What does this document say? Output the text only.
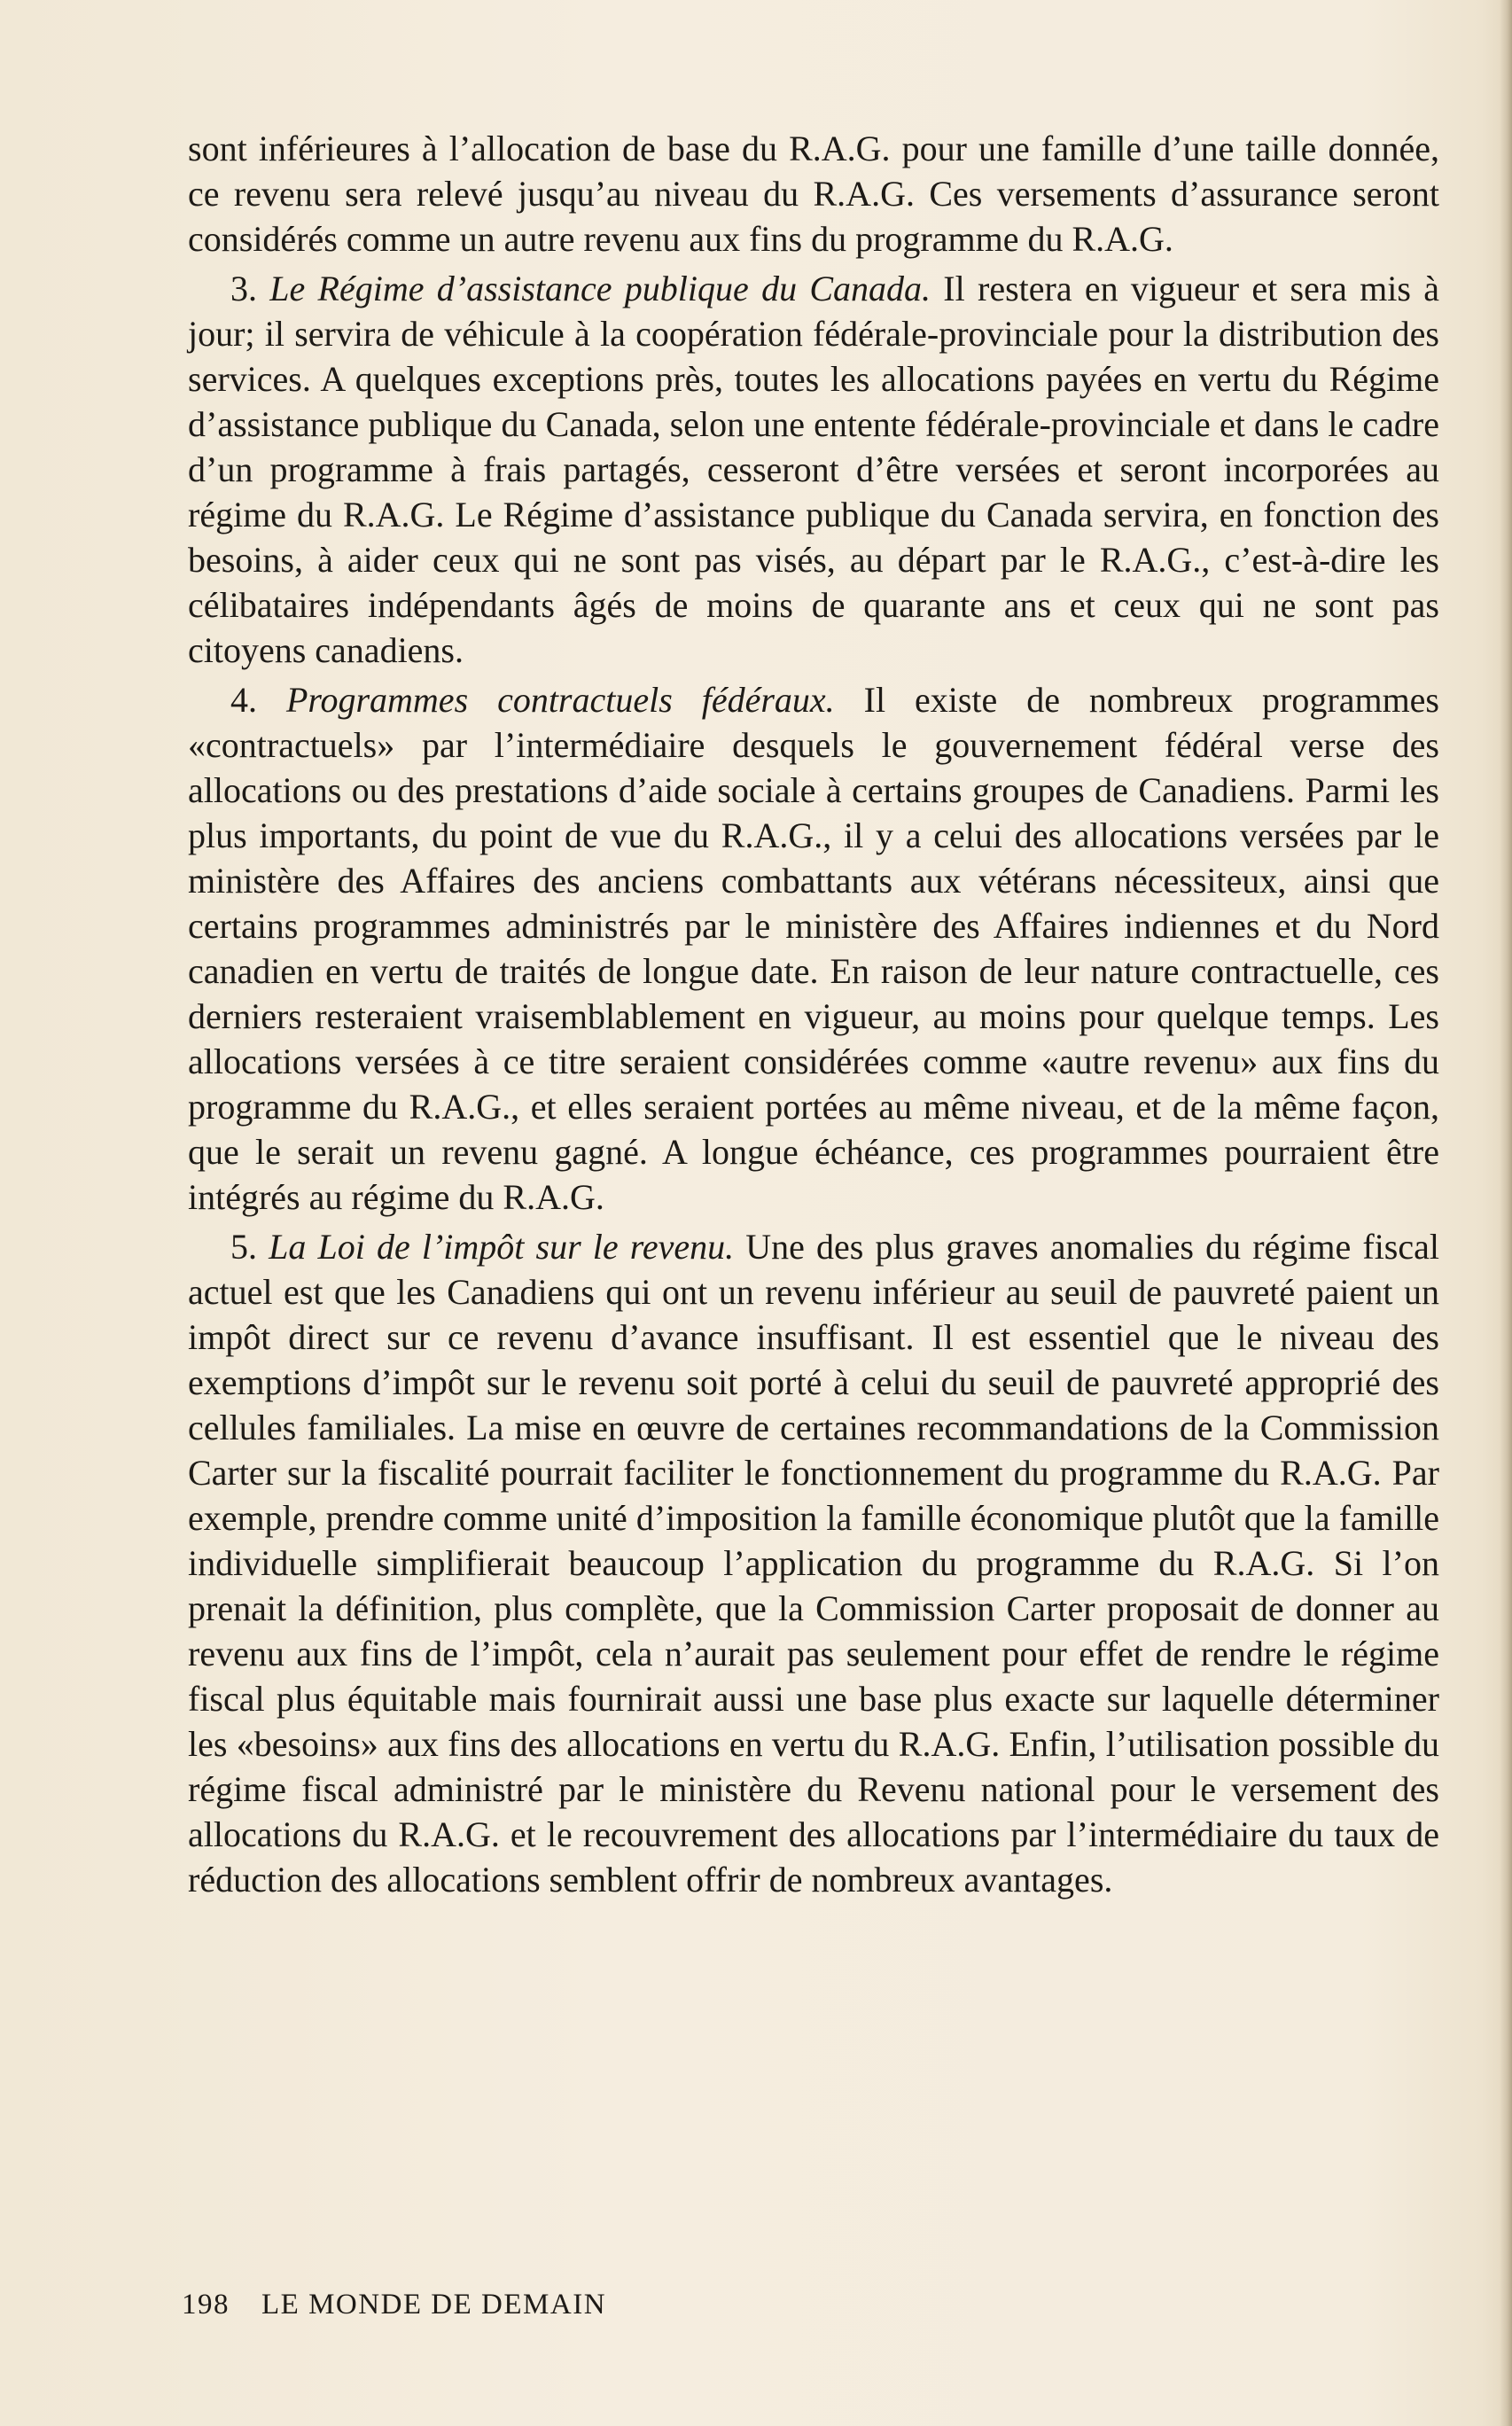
sont inférieures à l’allocation de base du R.A.G. pour une famille d’une taille donnée, ce revenu sera relevé jusqu’au niveau du R.A.G. Ces versements d’assurance seront considérés comme un autre revenu aux fins du programme du R.A.G.

3. Le Régime d’assistance publique du Canada. Il restera en vigueur et sera mis à jour; il servira de véhicule à la coopération fédérale-provinciale pour la distribution des services. A quelques exceptions près, toutes les allocations payées en vertu du Régime d’assistance publique du Canada, selon une entente fédérale-provinciale et dans le cadre d’un programme à frais partagés, cesseront d’être versées et seront incorporées au régime du R.A.G. Le Régime d’assistance publique du Canada servira, en fonction des besoins, à aider ceux qui ne sont pas visés, au départ par le R.A.G., c’est-à-dire les célibataires indépendants âgés de moins de quarante ans et ceux qui ne sont pas citoyens canadiens.

4. Programmes contractuels fédéraux. Il existe de nombreux programmes «contractuels» par l’intermédiaire desquels le gouvernement fédéral verse des allocations ou des prestations d’aide sociale à certains groupes de Canadiens. Parmi les plus importants, du point de vue du R.A.G., il y a celui des allocations versées par le ministère des Affaires des anciens combattants aux vétérans nécessiteux, ainsi que certains programmes administrés par le ministère des Affaires indiennes et du Nord canadien en vertu de traités de longue date. En raison de leur nature contractuelle, ces derniers resteraient vraisemblablement en vigueur, au moins pour quelque temps. Les allocations versées à ce titre seraient considérées comme «autre revenu» aux fins du programme du R.A.G., et elles seraient portées au même niveau, et de la même façon, que le serait un revenu gagné. A longue échéance, ces programmes pourraient être intégrés au régime du R.A.G.

5. La Loi de l’impôt sur le revenu. Une des plus graves anomalies du régime fiscal actuel est que les Canadiens qui ont un revenu inférieur au seuil de pauvreté paient un impôt direct sur ce revenu d’avance insuffisant. Il est essentiel que le niveau des exemptions d’impôt sur le revenu soit porté à celui du seuil de pauvreté approprié des cellules familiales. La mise en œuvre de certaines recommandations de la Commission Carter sur la fiscalité pourrait faciliter le fonctionnement du programme du R.A.G. Par exemple, prendre comme unité d’imposition la famille économique plutôt que la famille individuelle simplifierait beaucoup l’application du programme du R.A.G. Si l’on prenait la définition, plus complète, que la Commission Carter proposait de donner au revenu aux fins de l’impôt, cela n’aurait pas seulement pour effet de rendre le régime fiscal plus équitable mais fournirait aussi une base plus exacte sur laquelle déterminer les «besoins» aux fins des allocations en vertu du R.A.G. Enfin, l’utilisation possible du régime fiscal administré par le ministère du Revenu national pour le versement des allocations du R.A.G. et le recouvrement des allocations par l’intermédiaire du taux de réduction des allocations semblent offrir de nombreux avantages.

198 LE MONDE DE DEMAIN
